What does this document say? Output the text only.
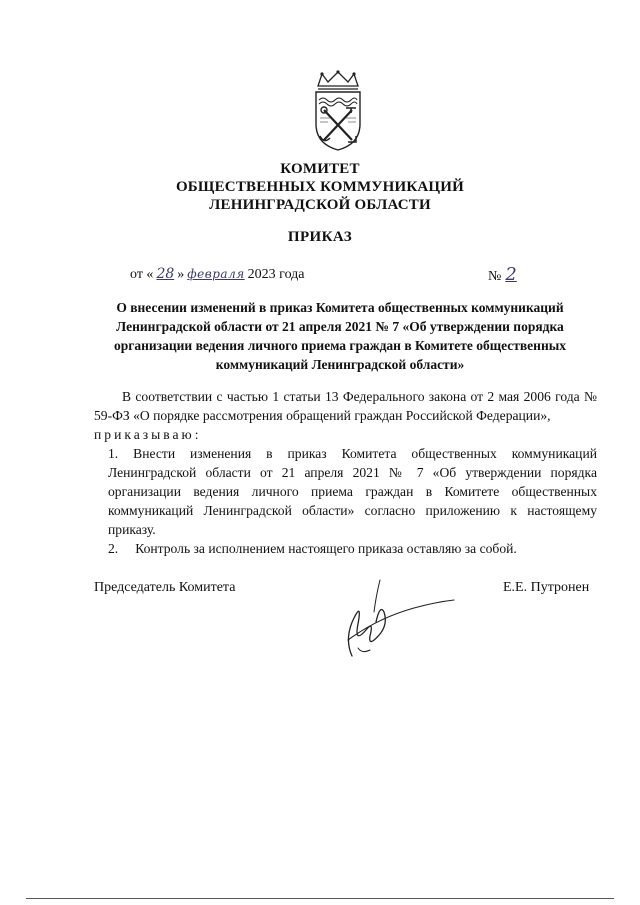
КОМИТЕТ
ОБЩЕСТВЕННЫХ КОММУНИКАЦИЙ
ЛЕНИНГРАДСКОЙ ОБЛАСТИ
ПРИКАЗ
от « 28 » февраля 2023 года	№ 2
О внесении изменений в приказ Комитета общественных коммуникаций
Ленинградской области от 21 апреля 2021 № 7 «Об утверждении порядка
организации ведения личного приема граждан в Комитете общественных
коммуникаций Ленинградской области»

В соответствии с частью 1 статьи 13 Федерального закона от 2 мая 2006 года № 59-ФЗ «О порядке рассмотрения обращений граждан Российской Федерации»,

приказываю:

1. Внести изменения в приказ Комитета общественных коммуникаций Ленинградской области от 21 апреля 2021 № 7 «Об утверждении порядка организации ведения личного приема граждан в Комитете общественных коммуникаций Ленинградской области» согласно приложению к настоящему приказу.

2.     Контроль за исполнением настоящего приказа оставляю за собой.

Председатель Комитета	Е.Е. Путронен
